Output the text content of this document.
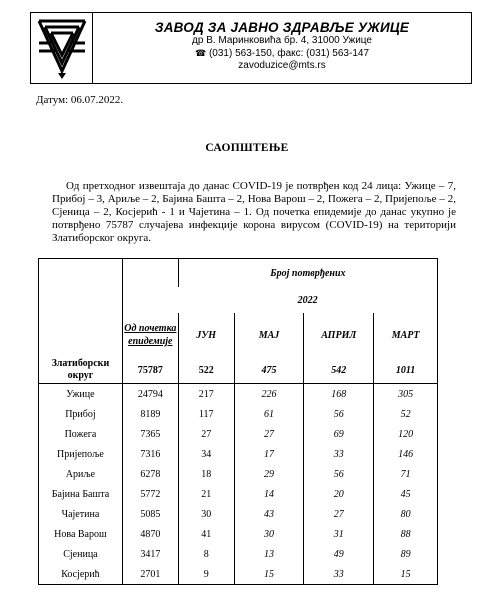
ЗАВОД ЗА ЈАВНО ЗДРАВЉЕ УЖИЦЕ
др В. Маринковића бр. 4, 31000 Ужице
☎ (031) 563-150, факс: (031) 563-147
zavoduzice@mts.rs
Датум: 06.07.2022.
САОПШТЕЊЕ
Од претходног извештаја до данас COVID-19 је потврђен код 24 лица: Ужице – 7, Прибој – 3, Ариље – 2, Бајина Башта – 2, Нова Варош – 2, Пожега – 2, Пријепоље – 2, Сјеница – 2, Косјерић - 1 и Чајетина – 1. Од почетка епидемије до данас укупно је потврђено 75787 случајева инфекције корона вирусом (COVID-19) на територији Златиборског округа.
		Број потврђених			
		2022			
	Од почетка епидемије	ЈУН	МАЈ	АПРИЛ	МАРТ
Златиборски округ	75787	522	475	542	1011
Ужице	24794	217	226	168	305
Прибој	8189	117	61	56	52
Пожега	7365	27	27	69	120
Пријепоље	7316	34	17	33	146
Ариље	6278	18	29	56	71
Бајина Башта	5772	21	14	20	45
Чајетина	5085	30	43	27	80
Нова Варош	4870	41	30	31	88
Сјеница	3417	8	13	49	89
Косјерић	2701	9	15	33	15
